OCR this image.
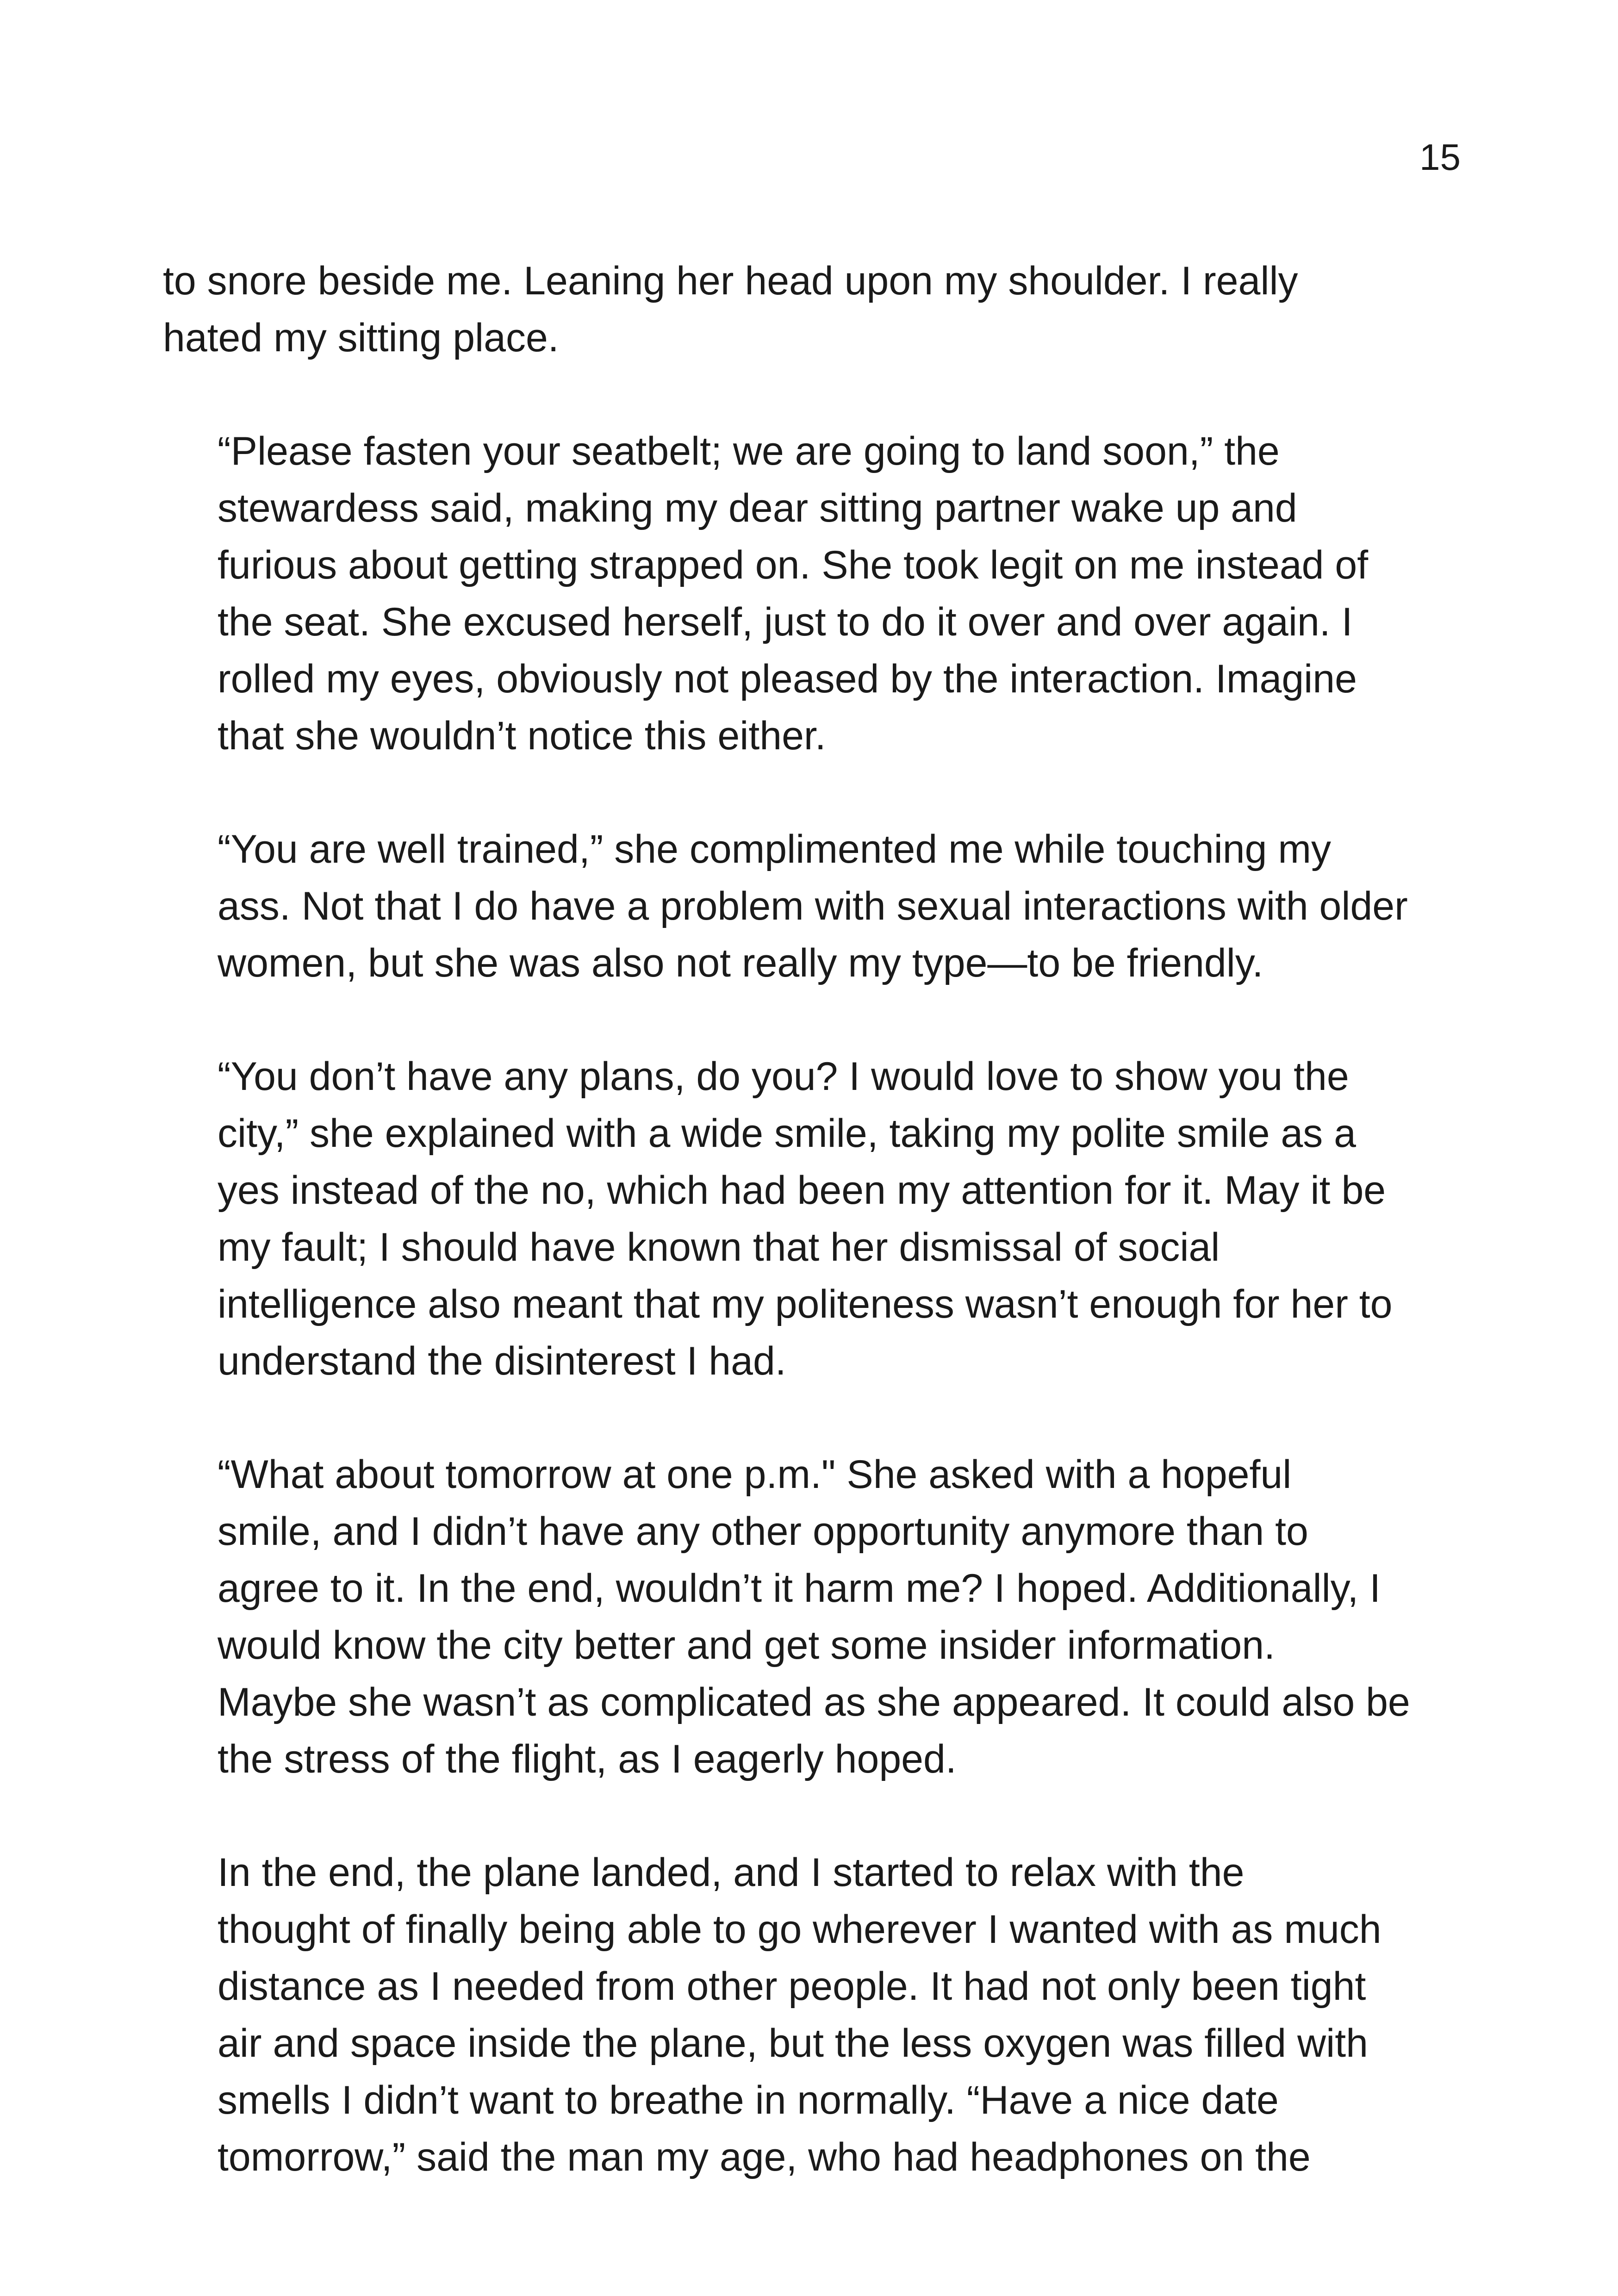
15

to snore beside me. Leaning her head upon my shoulder. I really
hated my sitting place.

“Please fasten your seatbelt; we are going to land soon,” the
stewardess said, making my dear sitting partner wake up and
furious about getting strapped on. She took legit on me instead of
the seat. She excused herself, just to do it over and over again. I
rolled my eyes, obviously not pleased by the interaction. Imagine
that she wouldn’t notice this either.

“You are well trained,” she complimented me while touching my
ass. Not that I do have a problem with sexual interactions with older
women, but she was also not really my type—to be friendly.

“You don’t have any plans, do you? I would love to show you the
city,” she explained with a wide smile, taking my polite smile as a
yes instead of the no, which had been my attention for it. May it be
my fault; I should have known that her dismissal of social
intelligence also meant that my politeness wasn’t enough for her to
understand the disinterest I had.

“What about tomorrow at one p.m." She asked with a hopeful
smile, and I didn’t have any other opportunity anymore than to
agree to it. In the end, wouldn’t it harm me? I hoped. Additionally, I
would know the city better and get some insider information.
Maybe she wasn’t as complicated as she appeared. It could also be
the stress of the flight, as I eagerly hoped.

In the end, the plane landed, and I started to relax with the
thought of finally being able to go wherever I wanted with as much
distance as I needed from other people. It had not only been tight
air and space inside the plane, but the less oxygen was filled with
smells I didn’t want to breathe in normally. “Have a nice date
tomorrow,” said the man my age, who had headphones on the
